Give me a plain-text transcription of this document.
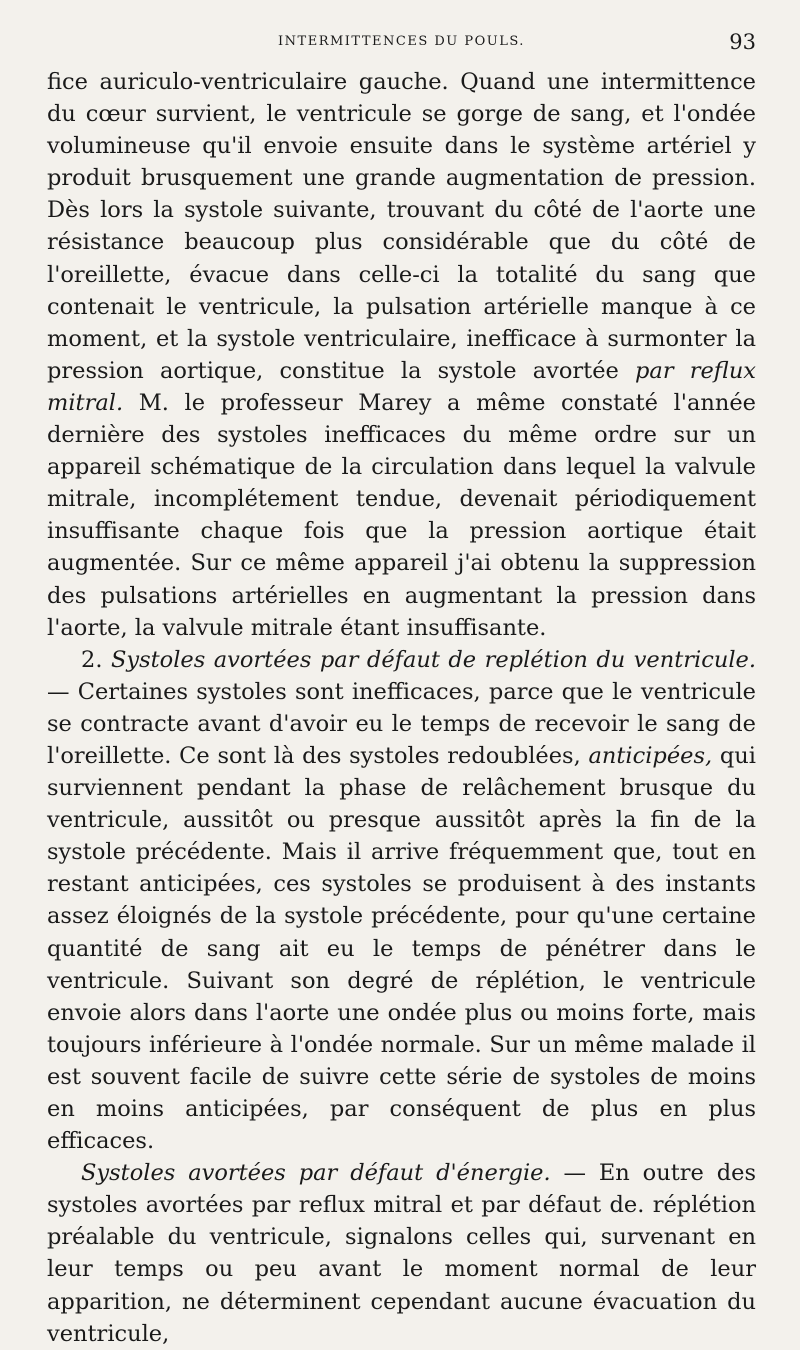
INTERMITTENCES DU POULS.	93

fice auriculo-ventriculaire gauche. Quand une intermittence du cœur survient, le ventricule se gorge de sang, et l'ondée volumineuse qu'il envoie ensuite dans le système artériel y produit brusquement une grande augmentation de pression. Dès lors la systole suivante, trouvant du côté de l'aorte une résistance beaucoup plus considérable que du côté de l'oreillette, évacue dans celle-ci la totalité du sang que contenait le ventricule, la pulsation artérielle manque à ce moment, et la systole ventriculaire, inefficace à surmonter la pression aortique, constitue la systole avortée par reflux mitral. M. le professeur Marey a même constaté l'année dernière des systoles inefficaces du même ordre sur un appareil schématique de la circulation dans lequel la valvule mitrale, incomplétement tendue, devenait périodiquement insuffisante chaque fois que la pression aortique était augmentée. Sur ce même appareil j'ai obtenu la suppression des pulsations artérielles en augmentant la pression dans l'aorte, la valvule mitrale étant insuffisante.

2. Systoles avortées par défaut de replétion du ventricule. — Certaines systoles sont inefficaces, parce que le ventricule se contracte avant d'avoir eu le temps de recevoir le sang de l'oreillette. Ce sont là des systoles redoublées, anticipées, qui surviennent pendant la phase de relâchement brusque du ventricule, aussitôt ou presque aussitôt après la fin de la systole précédente. Mais il arrive fréquemment que, tout en restant anticipées, ces systoles se produisent à des instants assez éloignés de la systole précédente, pour qu'une certaine quantité de sang ait eu le temps de pénétrer dans le ventricule. Suivant son degré de réplétion, le ventricule envoie alors dans l'aorte une ondée plus ou moins forte, mais toujours inférieure à l'ondée normale. Sur un même malade il est souvent facile de suivre cette série de systoles de moins en moins anticipées, par conséquent de plus en plus efficaces.

Systoles avortées par défaut d'énergie. — En outre des systoles avortées par reflux mitral et par défaut de. réplétion préalable du ventricule, signalons celles qui, survenant en leur temps ou peu avant le moment normal de leur apparition, ne déterminent cependant aucune évacuation du ventricule,
